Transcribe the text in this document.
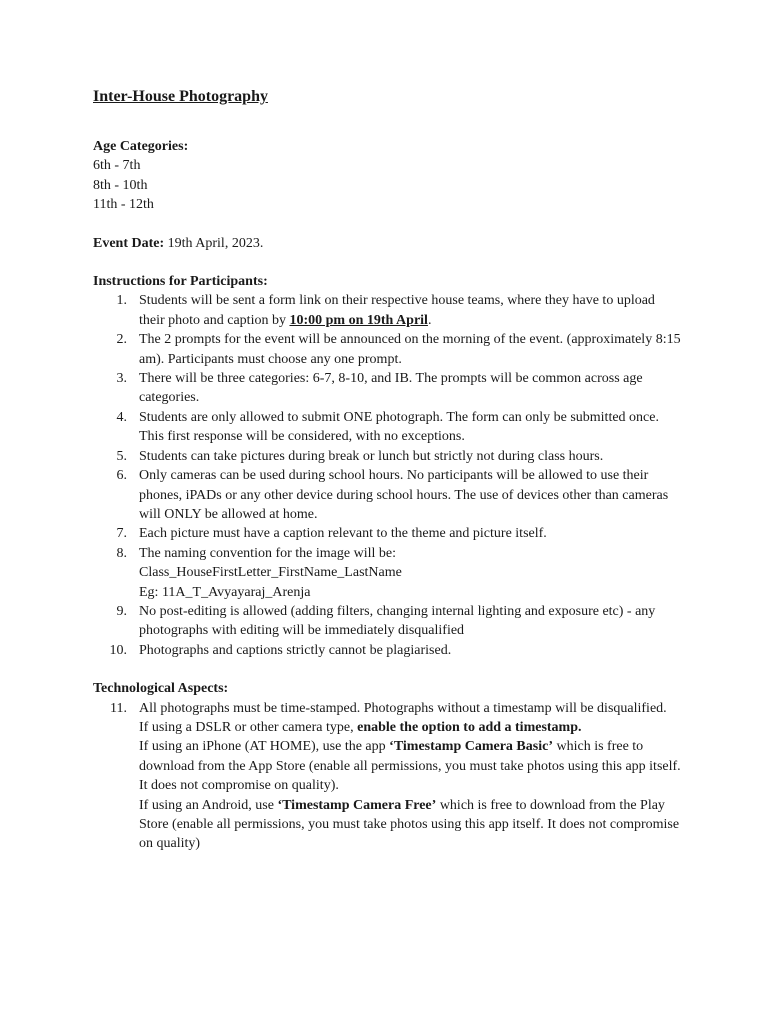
Inter-House Photography
Age Categories:
6th - 7th
8th - 10th
11th - 12th
Event Date: 19th April, 2023.
Instructions for Participants:
1. Students will be sent a form link on their respective house teams, where they have to upload their photo and caption by 10:00 pm on 19th April.
2. The 2 prompts for the event will be announced on the morning of the event. (approximately 8:15 am). Participants must choose any one prompt.
3. There will be three categories: 6-7, 8-10, and IB. The prompts will be common across age categories.
4. Students are only allowed to submit ONE photograph. The form can only be submitted once. This first response will be considered, with no exceptions.
5. Students can take pictures during break or lunch but strictly not during class hours.
6. Only cameras can be used during school hours. No participants will be allowed to use their phones, iPADs or any other device during school hours. The use of devices other than cameras will ONLY be allowed at home.
7. Each picture must have a caption relevant to the theme and picture itself.
8. The naming convention for the image will be:
Class_HouseFirstLetter_FirstName_LastName
Eg: 11A_T_Avyayaraj_Arenja
9. No post-editing is allowed (adding filters, changing internal lighting and exposure etc) - any photographs with editing will be immediately disqualified
10. Photographs and captions strictly cannot be plagiarised.
Technological Aspects:
11. All photographs must be time-stamped. Photographs without a timestamp will be disqualified.
If using a DSLR or other camera type, enable the option to add a timestamp.
If using an iPhone (AT HOME), use the app ‘Timestamp Camera Basic’ which is free to download from the App Store (enable all permissions, you must take photos using this app itself. It does not compromise on quality).
If using an Android, use ‘Timestamp Camera Free’ which is free to download from the Play Store (enable all permissions, you must take photos using this app itself. It does not compromise on quality)
